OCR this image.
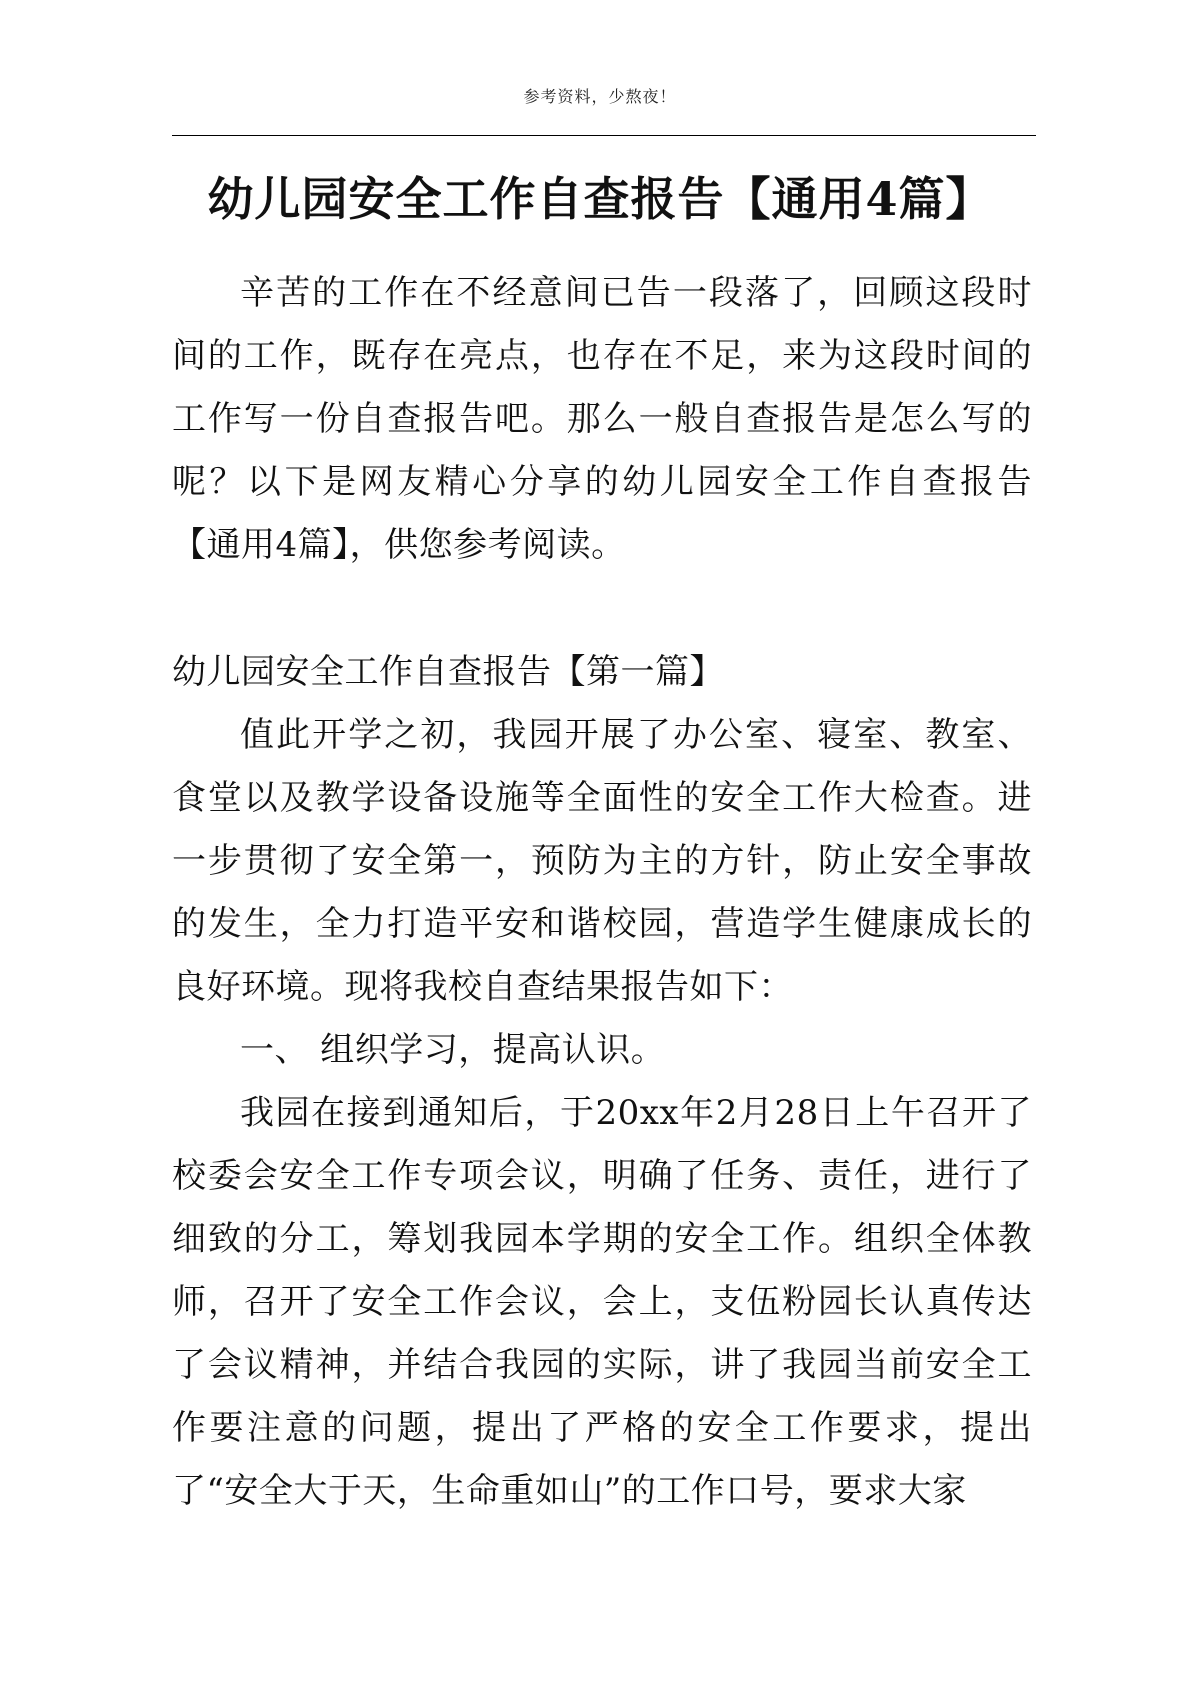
参考资料，少熬夜！
幼儿园安全工作自查报告【通用4篇】

辛苦的工作在不经意间已告一段落了，回顾这段时间的工作，既存在亮点，也存在不足，来为这段时间的工作写一份自查报告吧。那么一般自查报告是怎么写的呢？以下是网友精心分享的幼儿园安全工作自查报告【通用4篇】，供您参考阅读。

幼儿园安全工作自查报告【第一篇】

值此开学之初，我园开展了办公室、寝室、教室、食堂以及教学设备设施等全面性的安全工作大检查。进一步贯彻了安全第一，预防为主的方针，防止安全事故的发生，全力打造平安和谐校园，营造学生健康成长的良好环境。现将我校自查结果报告如下：

一、 组织学习，提高认识。

我园在接到通知后，于20xx年2月28日上午召开了校委会安全工作专项会议，明确了任务、责任，进行了细致的分工，筹划我园本学期的安全工作。组织全体教师，召开了安全工作会议，会上，支伍粉园长认真传达了会议精神，并结合我园的实际，讲了我园当前安全工作要注意的问题，提出了严格的安全工作要求，提出了“安全大于天，生命重如山”的工作口号，要求大家
